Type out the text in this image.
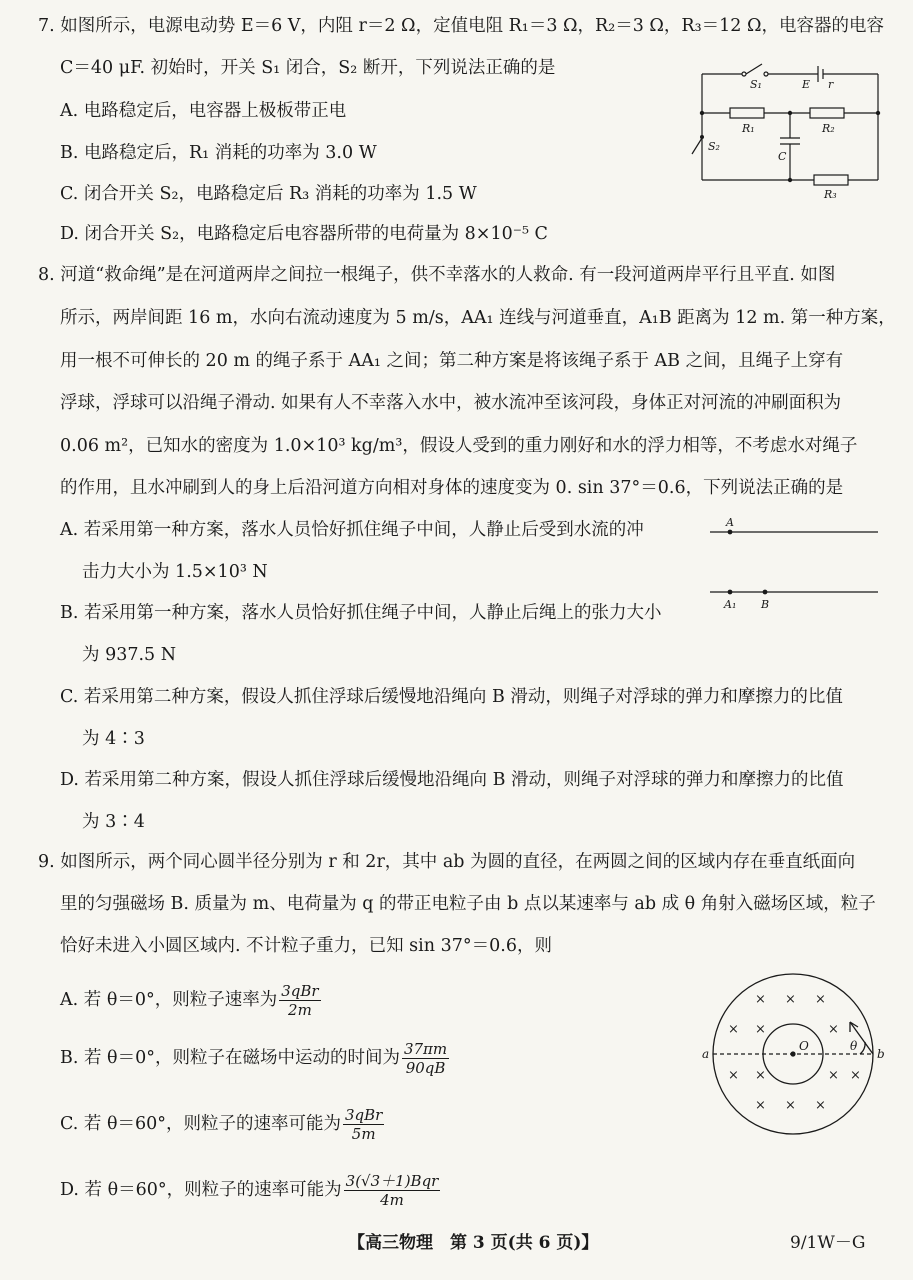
7. 如图所示，电源电动势 E＝6 V，内阻 r＝2 Ω，定值电阻 R₁＝3 Ω，R₂＝3 Ω，R₃＝12 Ω，电容器的电容
C＝40 μF. 初始时，开关 S₁ 闭合，S₂ 断开，下列说法正确的是
A. 电路稳定后，电容器上极板带正电
B. 电路稳定后，R₁ 消耗的功率为 3.0 W
C. 闭合开关 S₂，电路稳定后 R₃ 消耗的功率为 1.5 W
D. 闭合开关 S₂，电路稳定后电容器所带的电荷量为 8×10⁻⁵ C
S₁	E r
R₁	R₂
C
S₂
R₃
8. 河道“救命绳”是在河道两岸之间拉一根绳子，供不幸落水的人救命. 有一段河道两岸平行且平直. 如图
所示，两岸间距 16 m，水向右流动速度为 5 m/s，AA₁ 连线与河道垂直，A₁B 距离为 12 m. 第一种方案，
用一根不可伸长的 20 m 的绳子系于 AA₁ 之间；第二种方案是将该绳子系于 AB 之间，且绳子上穿有
浮球，浮球可以沿绳子滑动. 如果有人不幸落入水中，被水流冲至该河段，身体正对河流的冲刷面积为
0.06 m²，已知水的密度为 1.0×10³ kg/m³，假设人受到的重力刚好和水的浮力相等，不考虑水对绳子
的作用，且水冲刷到人的身上后沿河道方向相对身体的速度变为 0. sin 37°＝0.6，下列说法正确的是
A. 若采用第一种方案，落水人员恰好抓住绳子中间，人静止后受到水流的冲
击力大小为 1.5×10³ N
B. 若采用第一种方案，落水人员恰好抓住绳子中间，人静止后绳上的张力大小
为 937.5 N
C. 若采用第二种方案，假设人抓住浮球后缓慢地沿绳向 B 滑动，则绳子对浮球的弹力和摩擦力的比值
为 4∶3
D. 若采用第二种方案，假设人抓住浮球后缓慢地沿绳向 B 滑动，则绳子对浮球的弹力和摩擦力的比值
为 3∶4
A
A₁ B
9. 如图所示，两个同心圆半径分别为 r 和 2r，其中 ab 为圆的直径，在两圆之间的区域内存在垂直纸面向
里的匀强磁场 B. 质量为 m、电荷量为 q 的带正电粒子由 b 点以某速率与 ab 成 θ 角射入磁场区域，粒子
恰好未进入小圆区域内. 不计粒子重力，已知 sin 37°＝0.6，则
A. 若 θ＝0°，则粒子速率为 $\frac{\text{3qBr}}{2m}$
B. 若 θ＝0°，则粒子在磁场中运动的时间为 $\frac{37\pi m}{90qB}$
C. 若 θ＝60°，则粒子的速率可能为 $\frac{\text{3qBr}}{5m}$
D. 若 θ＝60°，则粒子的速率可能为 $\frac{\text{3(√3＋1)Bqr}}{4m}$
× × ×
× ×	×
× ×	× ×
× × ×
a	b
O	θ
【高三物理　第 3 页(共 6 页)】	9/1W－G
